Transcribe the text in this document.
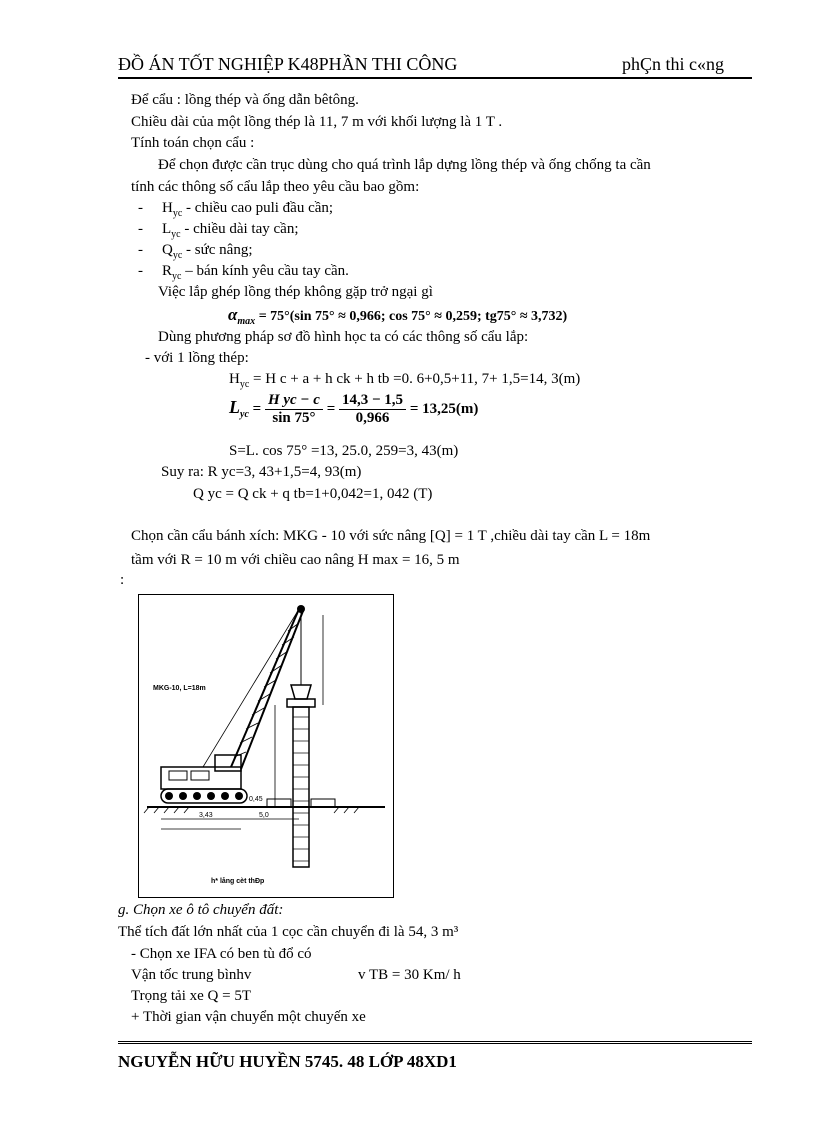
ĐỒ ÁN TỐT NGHIỆP K48PHẦN THI CÔNG	phÇn thi c«ng
Để cẩu : lồng thép và ống dẫn bêtông.
Chiều dài của một lồng thép là 11, 7 m với khối lượng là 1 T .
Tính toán chọn cẩu :
Để chọn được cần trục dùng cho quá trình lắp dựng lồng thép và ống chống ta cần
tính các thông số cẩu lắp theo yêu cầu bao gồm:
- $H_{yc}$ - chiều cao puli đầu cần;
- $L_{yc}$ - chiều dài tay cần;
- $Q_{yc}$ - sức nâng;
- $R_{yc}$ – bán kính yêu cầu tay cần.
Việc lắp ghép lồng thép không gặp trở ngại gì
$\alpha_{max} = 75^\circ(\sin$ 75° ≈ 0,966; cos 75° ≈ 0,259; tg75° ≈ 3,732)
Dùng phương pháp sơ đồ hình học ta có các thông số cẩu lắp:
- với 1 lồng thép:
$H_{yc} = H$ c + a + h ck + h tb =0. 6+0,5+11, 7+ 1,5=14, 3(m)
$L_{yc} = \frac{\text{H yc − c}}{\sin 75^\circ} = \frac{14,3 - 1,5}{0,966} = 13,25(m)$
S=L. cos 75° =13, 25.0, 259=3, 43(m)
Suy ra: R yc=3, 43+1,5=4, 93(m)
Q yc = Q ck + q tb=1+0,042=1, 042 (T)
Chọn cần cẩu bánh xích: MKG - 10 với sức nâng [Q] = 1 T ,chiều dài tay cần L = 18m
tầm với R = 10 m với chiều cao nâng H max = 16, 5 m
:
0,45
3,43	5,0
MKG-10, L=18m
h* lång cèt thÐp
g. Chọn xe ô tô chuyển đất:
Thể tích đất lớn nhất của 1 cọc cần chuyển đi là 54, 3 m³
- Chọn xe IFA có ben tù đổ có
Vận tốc trung bìnhv	v TB = 30 Km/ h
Trọng tải xe Q = 5T
+ Thời gian vận chuyển một chuyến xe
NGUYỄN HỮU HUYỀN 5745. 48 LỚP 48XD1
